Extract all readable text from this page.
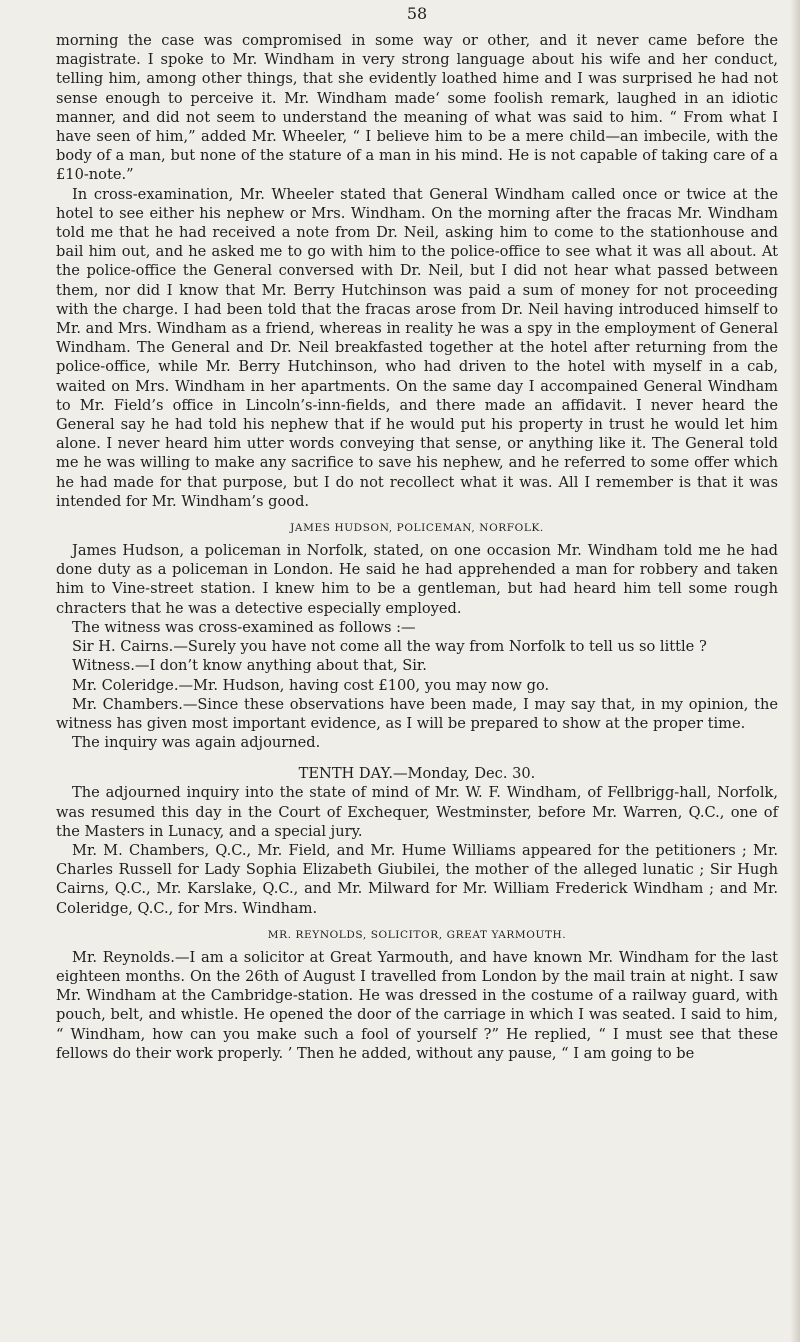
58

morning the case was compromised in some way or other, and it never came before the magistrate. I spoke to Mr. Windham in very strong language about his wife and her conduct, telling him, among other things, that she evidently loathed hime and I was surprised he had not sense enough to perceive it. Mr. Windham made‘ some foolish remark, laughed in an idiotic manner, and did not seem to understand the meaning of what was said to him. “ From what I have seen of him,” added Mr. Wheeler, “ I believe him to be a mere child—an imbecile, with the body of a man, but none of the stature of a man in his mind. He is not capable of taking care of a £10-note.”

In cross-examination, Mr. Wheeler stated that General Windham called once or twice at the hotel to see either his nephew or Mrs. Windham. On the morning after the fracas Mr. Windham told me that he had received a note from Dr. Neil, asking him to come to the stationhouse and bail him out, and he asked me to go with him to the police-office to see what it was all about. At the police-office the General conversed with Dr. Neil, but I did not hear what passed between them, nor did I know that Mr. Berry Hutchinson was paid a sum of money for not proceeding with the charge. I had been told that the fracas arose from Dr. Neil having introduced himself to Mr. and Mrs. Windham as a friend, whereas in reality he was a spy in the employment of General Windham. The General and Dr. Neil breakfasted together at the hotel after returning from the police-office, while Mr. Berry Hutchinson, who had driven to the hotel with myself in a cab, waited on Mrs. Windham in her apartments. On the same day I accompained General Windham to Mr. Field’s office in Lincoln’s-inn-fields, and there made an affidavit. I never heard the General say he had told his nephew that if he would put his property in trust he would let him alone. I never heard him utter words conveying that sense, or anything like it. The General told me he was willing to make any sacrifice to save his nephew, and he referred to some offer which he had made for that purpose, but I do not recollect what it was. All I remember is that it was intended for Mr. Windham’s good.

JAMES HUDSON, POLICEMAN, NORFOLK.

James Hudson, a policeman in Norfolk, stated, on one occasion Mr. Windham told me he had done duty as a policeman in London. He said he had apprehended a man for robbery and taken him to Vine-street station. I knew him to be a gentleman, but had heard him tell some rough chracters that he was a detective especially employed.

The witness was cross-examined as follows :—

Sir H. Cairns.—Surely you have not come all the way from Norfolk to tell us so little ?

Witness.—I don’t know anything about that, Sir.

Mr. Coleridge.—Mr. Hudson, having cost £100, you may now go.

Mr. Chambers.—Since these observations have been made, I may say that, in my opinion, the witness has given most important evidence, as I will be prepared to show at the proper time.

The inquiry was again adjourned.

TENTH DAY.—Monday, Dec. 30.

The adjourned inquiry into the state of mind of Mr. W. F. Windham, of Fellbrigg-hall, Norfolk, was resumed this day in the Court of Exchequer, Westminster, before Mr. Warren, Q.C., one of the Masters in Lunacy, and a special jury.

Mr. M. Chambers, Q.C., Mr. Field, and Mr. Hume Williams appeared for the petitioners ; Mr. Charles Russell for Lady Sophia Elizabeth Giubilei, the mother of the alleged lunatic ; Sir Hugh Cairns, Q.C., Mr. Karslake, Q.C., and Mr. Milward for Mr. William Frederick Windham ; and Mr. Coleridge, Q.C., for Mrs. Windham.

MR. REYNOLDS, SOLICITOR, GREAT YARMOUTH.

Mr. Reynolds.—I am a solicitor at Great Yarmouth, and have known Mr. Windham for the last eighteen months. On the 26th of August I travelled from London by the mail train at night. I saw Mr. Windham at the Cambridge-station. He was dressed in the costume of a railway guard, with pouch, belt, and whistle. He opened the door of the carriage in which I was seated. I said to him, “ Windham, how can you make such a fool of yourself ?” He replied, “ I must see that these fellows do their work properly. ’ Then he added, without any pause, “ I am going to be
